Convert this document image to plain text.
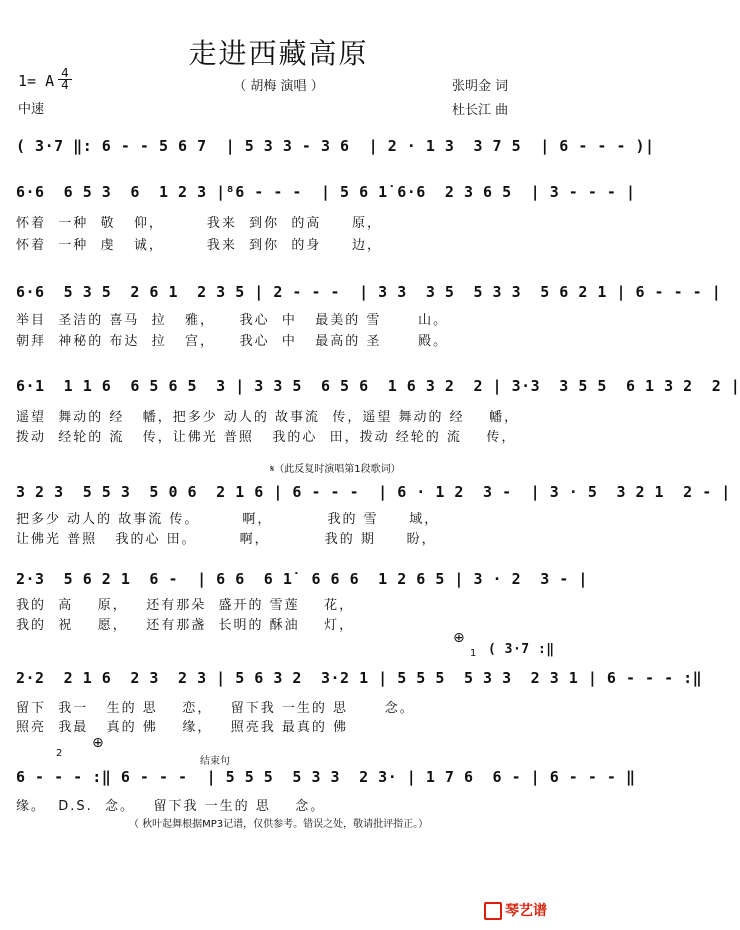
走进西藏高原
（ 胡梅 演唱 ）
1= A 4
4
中速
张明金 词
杜长江 曲
( 3·7 ‖: 6 - - 5 6 7  | 5 3 3 - 3 6  | 2 · 1 3  3 7 5  | 6 - - - )|
6·6  6 5 3  6  1 2 3 |⁸6 - - -  | 5 6 1̇ 6·6  2 3 6 5  | 3 - - - |
怀着  一种  敬   仰，       我来  到你  的高     原，
怀着  一种  虔   诚，       我来  到你  的身     边，
6·6  5 3 5  2 6 1  2 3 5 | 2 - - -  | 3 3  3 5  5 3 3  5 6 2 1 | 6 - - - |
举目  圣洁的 喜马  拉   雅，    我心  中   最美的 雪      山。
朝拜  神秘的 布达  拉   宫，    我心  中   最高的 圣      殿。
6·1  1 1 6  6 5 6 5  3 | 3 3 5  6 5 6  1 6 3 2  2 | 3·3  3 5 5  6 1 3 2  2 |
遥望  舞动的 经   幡，把多少 动人的 故事流  传，遥望 舞动的 经    幡，
拨动  经轮的 流   传，让佛光 普照   我的心  田，拨动 经轮的 流    传，
𝄋（此反复时演唱第1段歌词）
3 2 3  5 5 3  5 0 6  2 1 6 | 6 - - -  | 6 · 1 2  3 -  | 3 · 5  3 2 1  2 - |
把多少 动人的 故事流 传。       啊，         我的 雪     域，
让佛光 普照   我的心 田。       啊，         我的 期     盼，
2·3  5 6 2 1  6 -  | 6 6  6 1̇  6 6 6  1 2 6 5 | 3 · 2  3 - |
我的  高    原，   还有那朵  盛开的 雪莲    花，
我的  祝    愿，   还有那盏  长明的 酥油    灯，
⊕
1 ( 3·7 :‖
2·2  2 1 6  2 3  2 3 | 5 6 3 2  3·2 1 | 5 5 5  5 3 3  2 3 1 | 6 - - - :‖
留下  我一   生的 思    恋，   留下我 一生的 思      念。
照亮  我最   真的 佛    缘，   照亮我 最真的 佛
2
⊕
结束句
6 - - - :‖ 6 - - -  | 5 5 5  5 3 3  2 3· | 1 7 6  6 - | 6 - - - ‖
缘。  D.S.  念。   留下我 一生的 思    念。
（ 秋叶起舞根据MP3记谱，仅供参考。错误之处，敬请批评指正。）
琴艺谱
